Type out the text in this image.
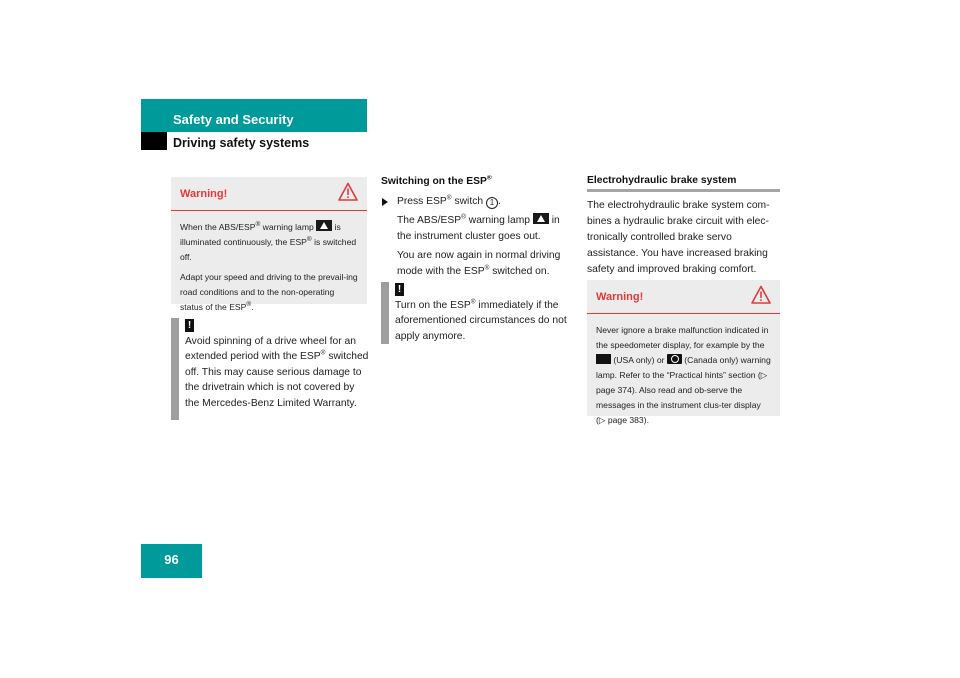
Safety and Security
Driving safety systems
Warning!

When the ABS/ESP® warning lamp  is illuminated continuously, the ESP® is switched off.

Adapt your speed and driving to the prevail-ing road conditions and to the non-operating status of the ESP®.

!
Avoid spinning of a drive wheel for an extended period with the ESP® switched off. This may cause serious damage to the drivetrain which is not covered by the Mercedes-Benz Limited Warranty.
Switching on the ESP®

Press ESP® switch 1 .

The ABS/ESP® warning lamp  in the instrument cluster goes out.

You are now again in normal driving mode with the ESP® switched on.

!
Turn on the ESP® immediately if the aforementioned circumstances do not apply anymore.
Electrohydraulic brake system
The electrohydraulic brake system com-bines a hydraulic brake circuit with elec-tronically controlled brake servo assistance. You have increased braking safety and improved braking comfort.
Warning!

Never ignore a brake malfunction indicated in the speedometer display, for example by the  (USA only) or  (Canada only) warning lamp. Refer to the “Practical hints” section (▷ page 374). Also read and ob-serve the messages in the instrument clus-ter display (▷ page 383).

96
